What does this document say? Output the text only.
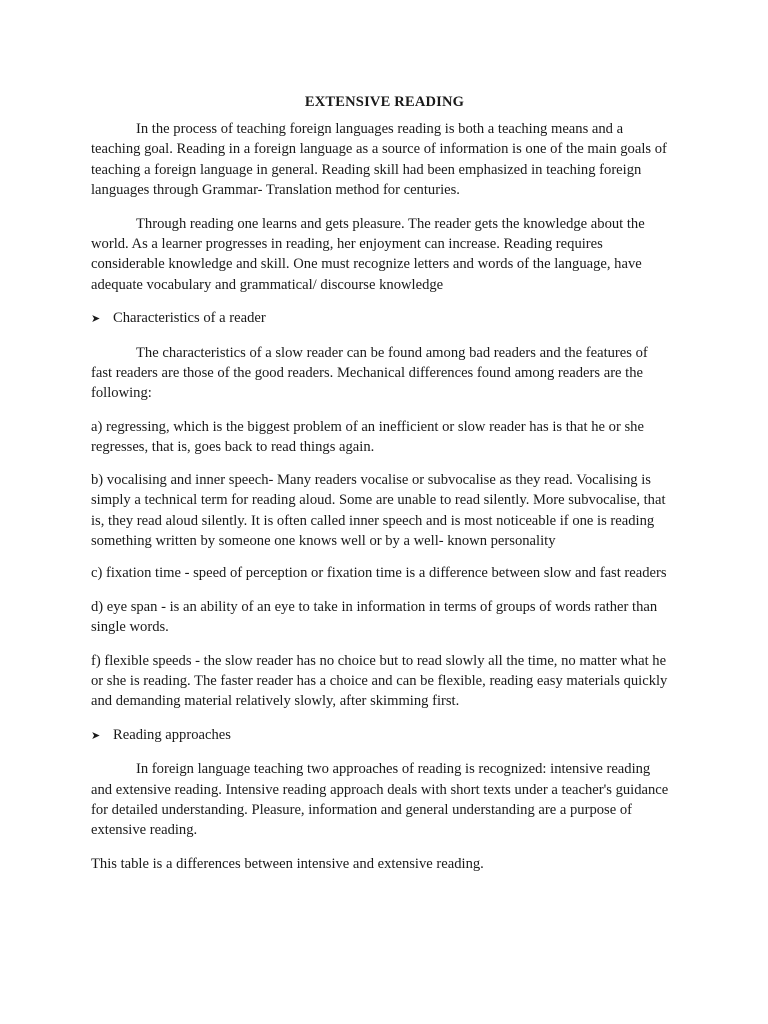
EXTENSIVE READING

In the process of teaching foreign languages reading is both a teaching means and a teaching goal. Reading in a foreign language as a source of information is one of the main goals of teaching a foreign language in general. Reading skill had been emphasized in teaching foreign languages through Grammar- Translation method for centuries.

Through reading one learns and gets pleasure. The reader gets the knowledge about the world. As a learner progresses in reading, her enjoyment can increase. Reading requires considerable knowledge and skill. One must recognize letters and words of the language, have adequate vocabulary and grammatical/ discourse knowledge

➤ Characteristics of a reader

The characteristics of a slow reader can be found among bad readers and the features of fast readers are those of the good readers. Mechanical differences found among readers are the following:

a) regressing, which is the biggest problem of an inefficient or slow reader has is that he or she regresses, that is, goes back to read things again.

b) vocalising and inner speech- Many readers vocalise or subvocalise as they read. Vocalising is simply a technical term for reading aloud. Some are unable to read silently. More subvocalise, that is, they read aloud silently. It is often called inner speech and is most noticeable if one is reading something written by someone one knows well or by a well- known personality

c) fixation time - speed of perception or fixation time is a difference between slow and fast readers

d) eye span - is an ability of an eye to take in information in terms of groups of words rather than single words.

f) flexible speeds - the slow reader has no choice but to read slowly all the time, no matter what he or she is reading. The faster reader has a choice and can be flexible, reading easy materials quickly and demanding material relatively slowly, after skimming first.

➤ Reading approaches

In foreign language teaching two approaches of reading is recognized: intensive reading and extensive reading. Intensive reading approach deals with short texts under a teacher's guidance for detailed understanding. Pleasure, information and general understanding are a purpose of extensive reading.

This table is a differences between intensive and extensive reading.
